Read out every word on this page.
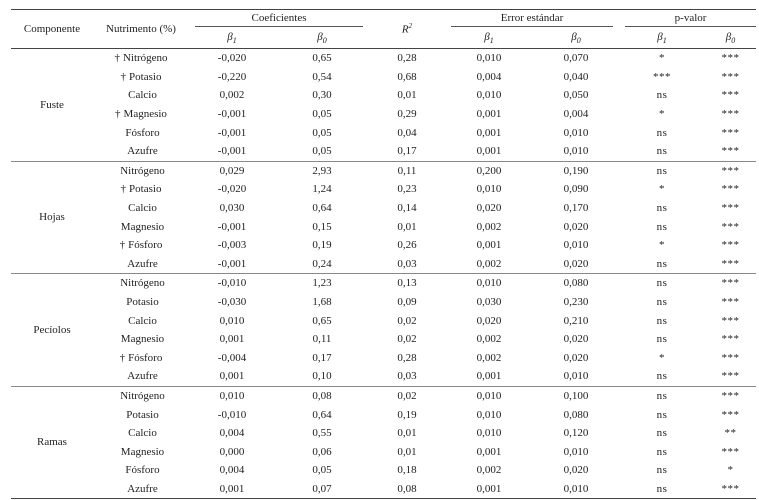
Componente	Nutrimento (%)	Coeficientes		$R^2$	Error estándar		p-valor	

		$\beta_1$	$\beta_0$		$\beta_1$	$\beta_0$	$\beta_1$	$\beta_0$
Fuste	† Nitrógeno	-0,020	0,65	0,28	0,010	0,070	*	***
	† Potasio	-0,220	0,54	0,68	0,004	0,040	***	***
	Calcio	0,002	0,30	0,01	0,010	0,050	ns	***
	† Magnesio	-0,001	0,05	0,29	0,001	0,004	*	***
	Fósforo	-0,001	0,05	0,04	0,001	0,010	ns	***
	Azufre	-0,001	0,05	0,17	0,001	0,010	ns	***
Hojas	Nitrógeno	0,029	2,93	0,11	0,200	0,190	ns	***
	† Potasio	-0,020	1,24	0,23	0,010	0,090	*	***
	Calcio	0,030	0,64	0,14	0,020	0,170	ns	***
	Magnesio	-0,001	0,15	0,01	0,002	0,020	ns	***
	† Fósforo	-0,003	0,19	0,26	0,001	0,010	*	***
	Azufre	-0,001	0,24	0,03	0,002	0,020	ns	***
Pecíolos	Nitrógeno	-0,010	1,23	0,13	0,010	0,080	ns	***
	Potasio	-0,030	1,68	0,09	0,030	0,230	ns	***
	Calcio	0,010	0,65	0,02	0,020	0,210	ns	***
	Magnesio	0,001	0,11	0,02	0,002	0,020	ns	***
	† Fósforo	-0,004	0,17	0,28	0,002	0,020	*	***
	Azufre	0,001	0,10	0,03	0,001	0,010	ns	***
Ramas	Nitrógeno	0,010	0,08	0,02	0,010	0,100	ns	***
	Potasio	-0,010	0,64	0,19	0,010	0,080	ns	***
	Calcio	0,004	0,55	0,01	0,010	0,120	ns	**
	Magnesio	0,000	0,06	0,01	0,001	0,010	ns	***
	Fósforo	0,004	0,05	0,18	0,002	0,020	ns	*
	Azufre	0,001	0,07	0,08	0,001	0,010	ns	***
